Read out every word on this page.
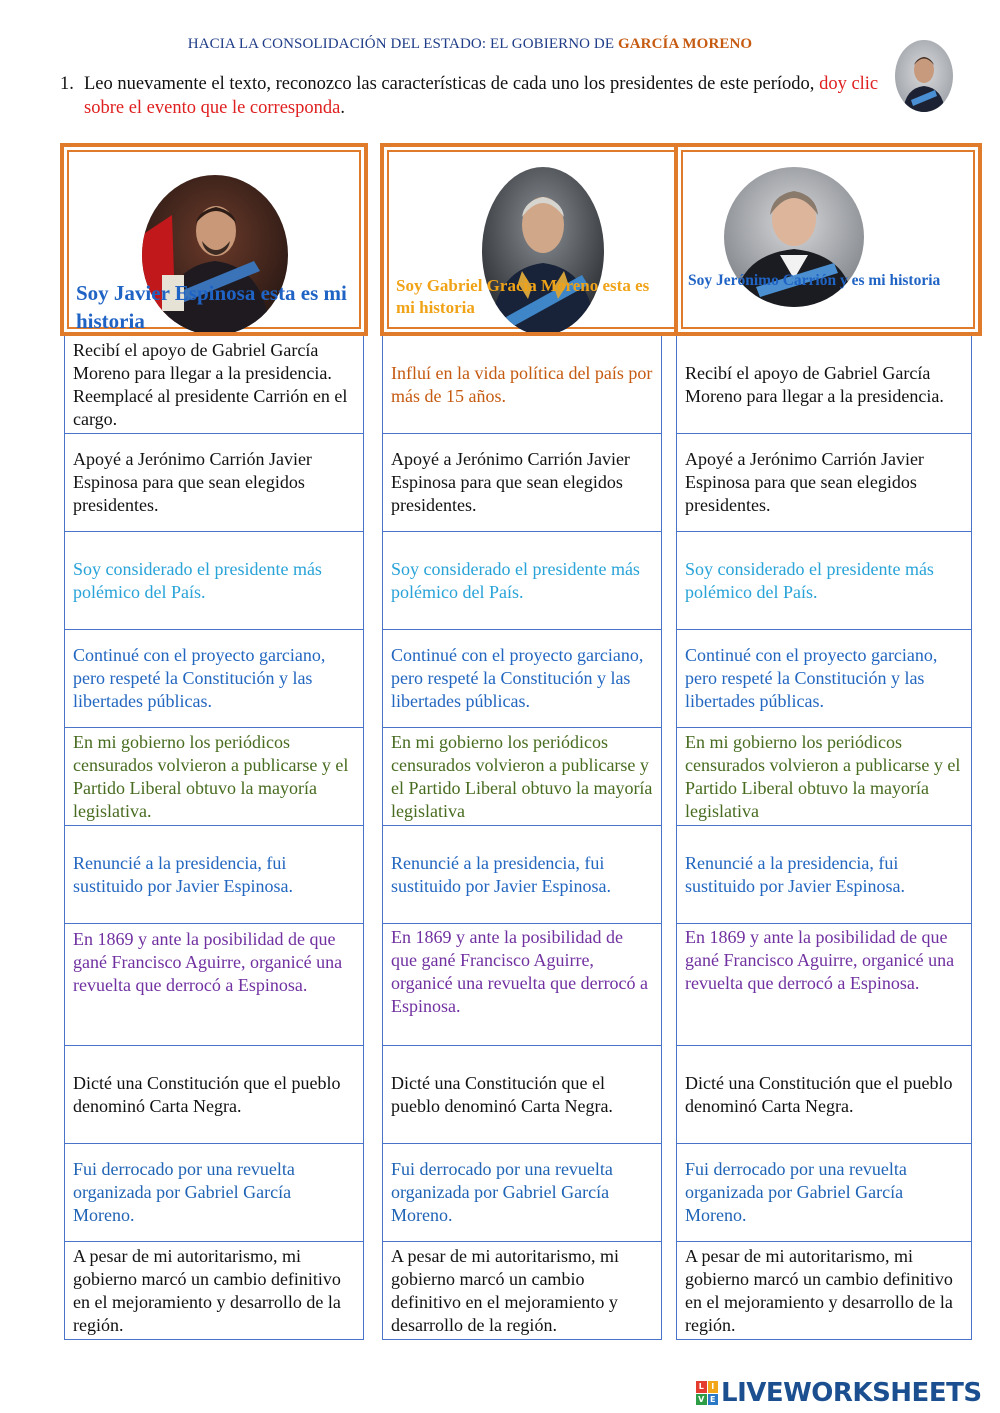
HACIA LA CONSOLIDACIÓN DEL ESTADO: EL GOBIERNO DE GARCÍA MORENO
1. Leo nuevamente el texto, reconozco las características de cada uno los presidentes de este período, doy clic sobre el evento que le corresponda.
Soy Javier Espinosa esta es mi historia
Recibí el apoyo de Gabriel García Moreno para llegar a la presidencia. Reemplacé al presidente Carrión en el cargo.
Apoyé a Jerónimo Carrión Javier Espinosa para que sean elegidos presidentes.
Soy considerado el presidente más polémico del País.
Continué con el proyecto garciano, pero respeté la Constitución y las libertades públicas.
En mi gobierno los periódicos censurados volvieron a publicarse y el Partido Liberal obtuvo la mayoría legislativa.
Renuncié a la presidencia, fui sustituido por Javier Espinosa.
En 1869 y ante la posibilidad de que gané Francisco Aguirre, organicé una revuelta que derrocó a Espinosa.
Dicté una Constitución que el pueblo denominó Carta Negra.
Fui derrocado por una revuelta organizada por Gabriel García Moreno.
A pesar de mi autoritarismo, mi gobierno marcó un cambio definitivo en el mejoramiento y desarrollo de la región.
Soy Gabriel Gracia Moreno esta es mi historia
Influí en la vida política del país por más de 15 años.
Apoyé a Jerónimo Carrión Javier Espinosa para que sean elegidos presidentes.
Soy considerado el presidente más polémico del País.
Continué con el proyecto garciano, pero respeté la Constitución y las libertades públicas.
En mi gobierno los periódicos censurados volvieron a publicarse y el Partido Liberal obtuvo la mayoría legislativa
Renuncié a la presidencia, fui sustituido por Javier Espinosa.
En 1869 y ante la posibilidad de que gané Francisco Aguirre, organicé una revuelta que derrocó a Espinosa.
Dicté una Constitución que el pueblo denominó Carta Negra.
Fui derrocado por una revuelta organizada por Gabriel García Moreno.
A pesar de mi autoritarismo, mi gobierno marcó un cambio definitivo en el mejoramiento y desarrollo de la región.
Soy Jerónimo Carrión y es mi historia
Recibí el apoyo de Gabriel García Moreno para llegar a la presidencia.
Apoyé a Jerónimo Carrión Javier Espinosa para que sean elegidos presidentes.
Soy considerado el presidente más polémico del País.
Continué con el proyecto garciano, pero respeté la Constitución y las libertades públicas.
En mi gobierno los periódicos censurados volvieron a publicarse y el Partido Liberal obtuvo la mayoría legislativa
Renuncié a la presidencia, fui sustituido por Javier Espinosa.
En 1869 y ante la posibilidad de que gané Francisco Aguirre, organicé una revuelta que derrocó a Espinosa.
Dicté una Constitución que el pueblo denominó Carta Negra.
Fui derrocado por una revuelta organizada por Gabriel García Moreno.
A pesar de mi autoritarismo, mi gobierno marcó un cambio definitivo en el mejoramiento y desarrollo de la región.
L I
V E LIVEWORKSHEETS
